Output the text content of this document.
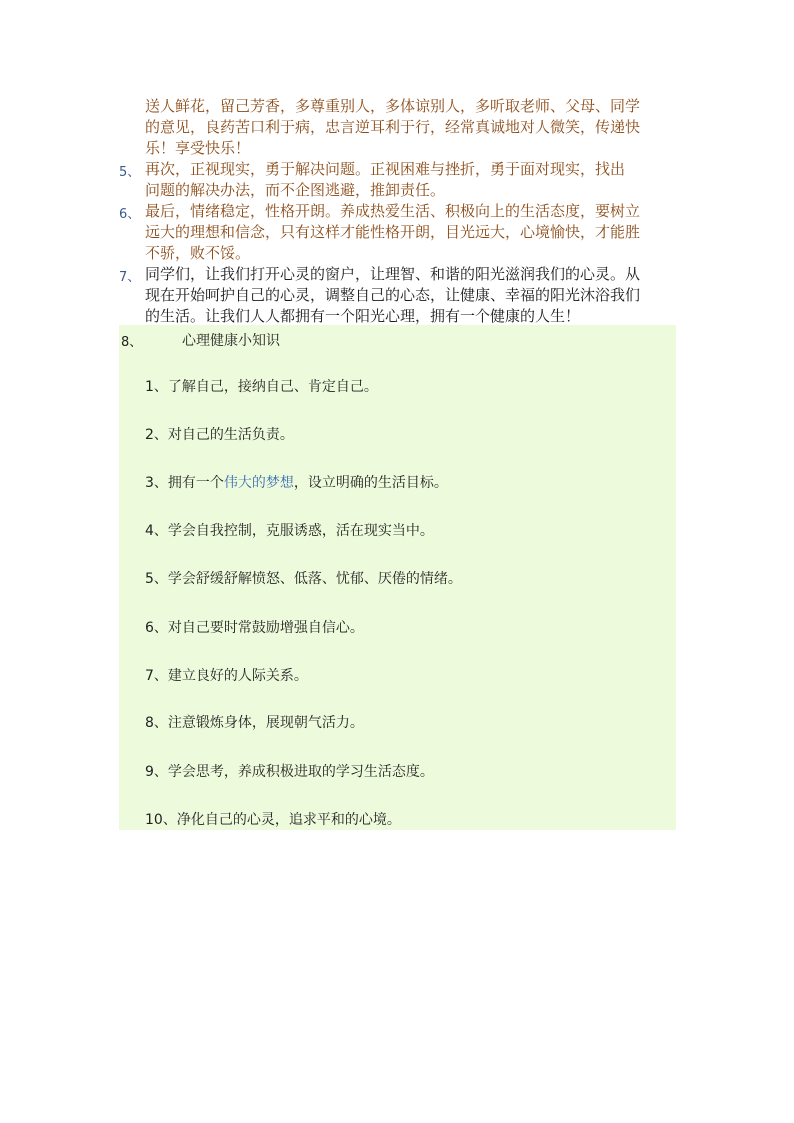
送人鲜花，留己芳香，多尊重别人，多体谅别人，多听取老师、父母、同学
的意见，良药苦口利于病，忠言逆耳利于行，经常真诚地对人微笑，传递快
乐！享受快乐！
5、 再次，正视现实，勇于解决问题。正视困难与挫折，勇于面对现实，找出
问题的解决办法，而不企图逃避，推卸责任。
6、 最后，情绪稳定，性格开朗。养成热爱生活、积极向上的生活态度，要树立
远大的理想和信念，只有这样才能性格开朗，目光远大，心境愉快，才能胜
不骄，败不馁。
7、 同学们，让我们打开心灵的窗户，让理智、和谐的阳光滋润我们的心灵。从
现在开始呵护自己的心灵，调整自己的心态，让健康、幸福的阳光沐浴我们
的生活。让我们人人都拥有一个阳光心理，拥有一个健康的人生！
8、	心理健康小知识
1、了解自己，接纳自己、肯定自己。
2、对自己的生活负责。
3、拥有一个伟大的梦想，设立明确的生活目标。
4、学会自我控制，克服诱惑，活在现实当中。
5、学会舒缓舒解愤怒、低落、忧郁、厌倦的情绪。
6、对自己要时常鼓励增强自信心。
7、建立良好的人际关系。
8、注意锻炼身体，展现朝气活力。
9、学会思考，养成积极进取的学习生活态度。
10、净化自己的心灵，追求平和的心境。
